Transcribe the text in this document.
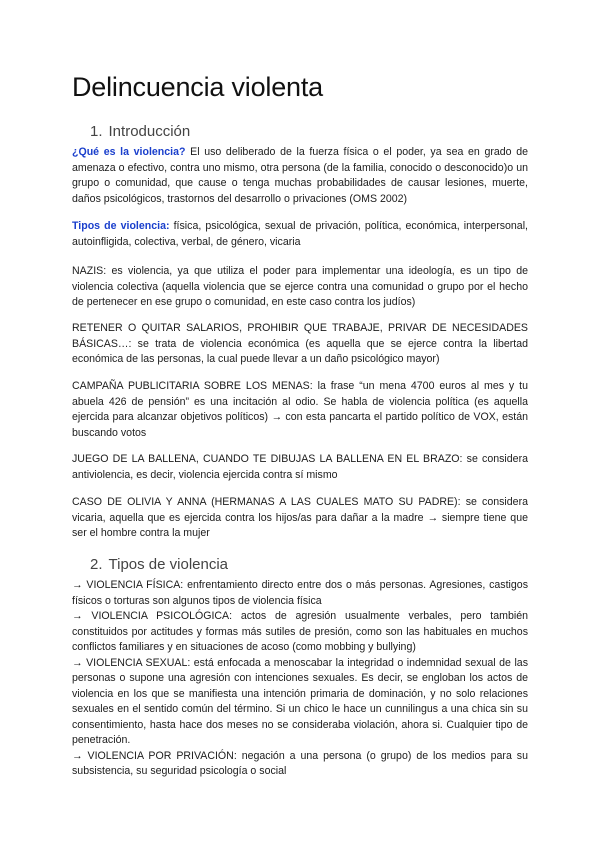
Delincuencia violenta
1. Introducción

¿Qué es la violencia? El uso deliberado de la fuerza física o el poder, ya sea en grado de amenaza o efectivo, contra uno mismo, otra persona (de la familia, conocido o desconocido)o un grupo o comunidad, que cause o tenga muchas probabilidades de causar lesiones, muerte, daños psicológicos, trastornos del desarrollo o privaciones (OMS 2002)

Tipos de violencia: física, psicológica, sexual de privación, política, económica, interpersonal, autoinfligida, colectiva, verbal, de género, vicaria

NAZIS: es violencia, ya que utiliza el poder para implementar una ideología, es un tipo de violencia colectiva (aquella violencia que se ejerce contra una comunidad o grupo por el hecho de pertenecer en ese grupo o comunidad, en este caso contra los judíos)

RETENER O QUITAR SALARIOS, PROHIBIR QUE TRABAJE, PRIVAR DE NECESIDADES BÁSICAS…: se trata de violencia económica (es aquella que se ejerce contra la libertad económica de las personas, la cual puede llevar a un daño psicológico mayor)

CAMPAÑA PUBLICITARIA SOBRE LOS MENAS: la frase “un mena 4700 euros al mes y tu abuela 426 de pensión” es una incitación al odio. Se habla de violencia política (es aquella ejercida para alcanzar objetivos políticos) → con esta pancarta el partido político de VOX, están buscando votos

JUEGO DE LA BALLENA, CUANDO TE DIBUJAS LA BALLENA EN EL BRAZO: se considera antiviolencia, es decir, violencia ejercida contra sí mismo

CASO DE OLIVIA Y ANNA (HERMANAS A LAS CUALES MATO SU PADRE): se considera vicaria, aquella que es ejercida contra los hijos/as para dañar a la madre → siempre tiene que ser el hombre contra la mujer

2. Tipos de violencia
→ VIOLENCIA FÍSICA: enfrentamiento directo entre dos o más personas. Agresiones, castigos físicos o torturas son algunos tipos de violencia física
→ VIOLENCIA PSICOLÓGICA: actos de agresión usualmente verbales, pero también constituidos por actitudes y formas más sutiles de presión, como son las habituales en muchos conflictos familiares y en situaciones de acoso (como mobbing y bullying)
→ VIOLENCIA SEXUAL: está enfocada a menoscabar la integridad o indemnidad sexual de las personas o supone una agresión con intenciones sexuales. Es decir, se engloban los actos de violencia en los que se manifiesta una intención primaria de dominación, y no solo relaciones sexuales en el sentido común del término. Si un chico le hace un cunnilingus a una chica sin su consentimiento, hasta hace dos meses no se consideraba violación, ahora si. Cualquier tipo de penetración.
→ VIOLENCIA POR PRIVACIÓN: negación a una persona (o grupo) de los medios para su subsistencia, su seguridad psicología o social
